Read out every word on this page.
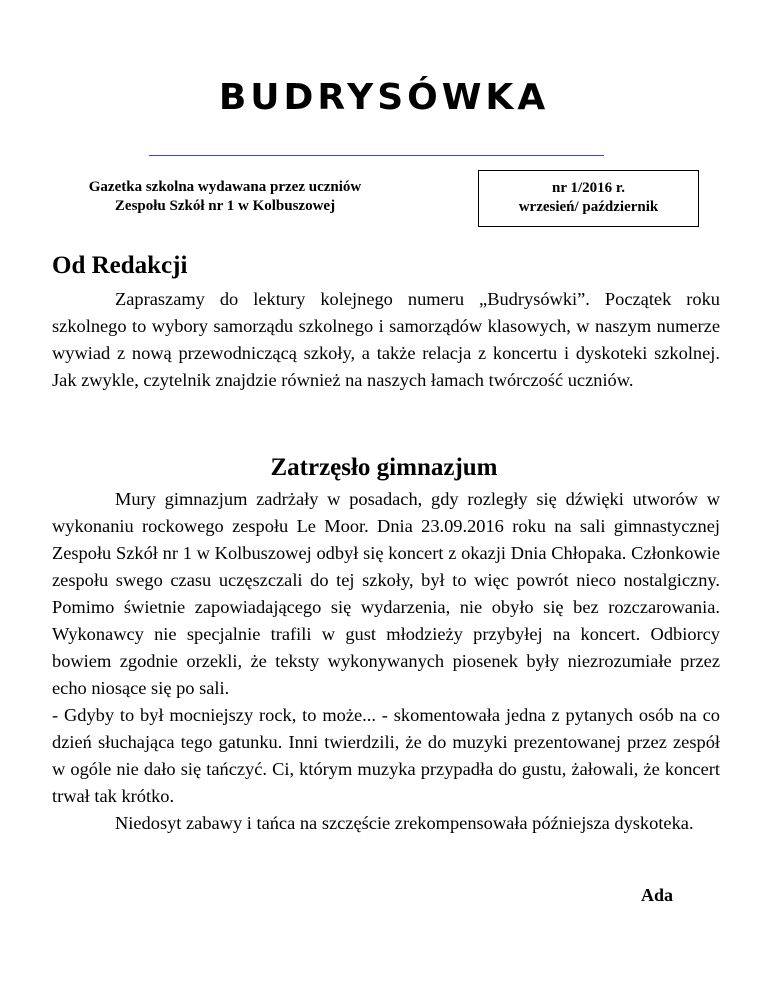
BUDRYSÓWKA
Gazetka szkolna wydawana przez uczniów
Zespołu Szkół nr 1 w Kolbuszowej
nr 1/2016 r.
wrzesień/ październik
Od Redakcji

Zapraszamy do lektury kolejnego numeru „Budrysówki”. Początek roku szkolnego to wybory samorządu szkolnego i samorządów klasowych, w naszym numerze wywiad z nową przewodniczącą szkoły, a także relacja z koncertu i dyskoteki szkolnej. Jak zwykle, czytelnik znajdzie również na naszych łamach twórczość uczniów.

Zatrzęsło gimnazjum

Mury gimnazjum zadrżały w posadach, gdy rozległy się dźwięki utworów w wykonaniu rockowego zespołu Le Moor. Dnia 23.09.2016 roku na sali gimnastycznej Zespołu Szkół nr 1 w Kolbuszowej odbył się koncert z okazji Dnia Chłopaka. Członkowie zespołu swego czasu uczęszczali do tej szkoły, był to więc powrót nieco nostalgiczny. Pomimo świetnie zapowiadającego się wydarzenia, nie obyło się bez rozczarowania. Wykonawcy nie specjalnie trafili w gust młodzieży przybyłej na koncert. Odbiorcy bowiem zgodnie orzekli, że teksty wykonywanych piosenek były niezrozumiałe przez echo niosące się po sali.

- Gdyby to był mocniejszy rock, to może... - skomentowała jedna z pytanych osób na co dzień słuchająca tego gatunku. Inni twierdzili, że do muzyki prezentowanej przez zespół w ogóle nie dało się tańczyć. Ci, którym muzyka przypadła do gustu, żałowali, że koncert trwał tak krótko.

Niedosyt zabawy i tańca na szczęście zrekompensowała późniejsza dyskoteka.

Ada
